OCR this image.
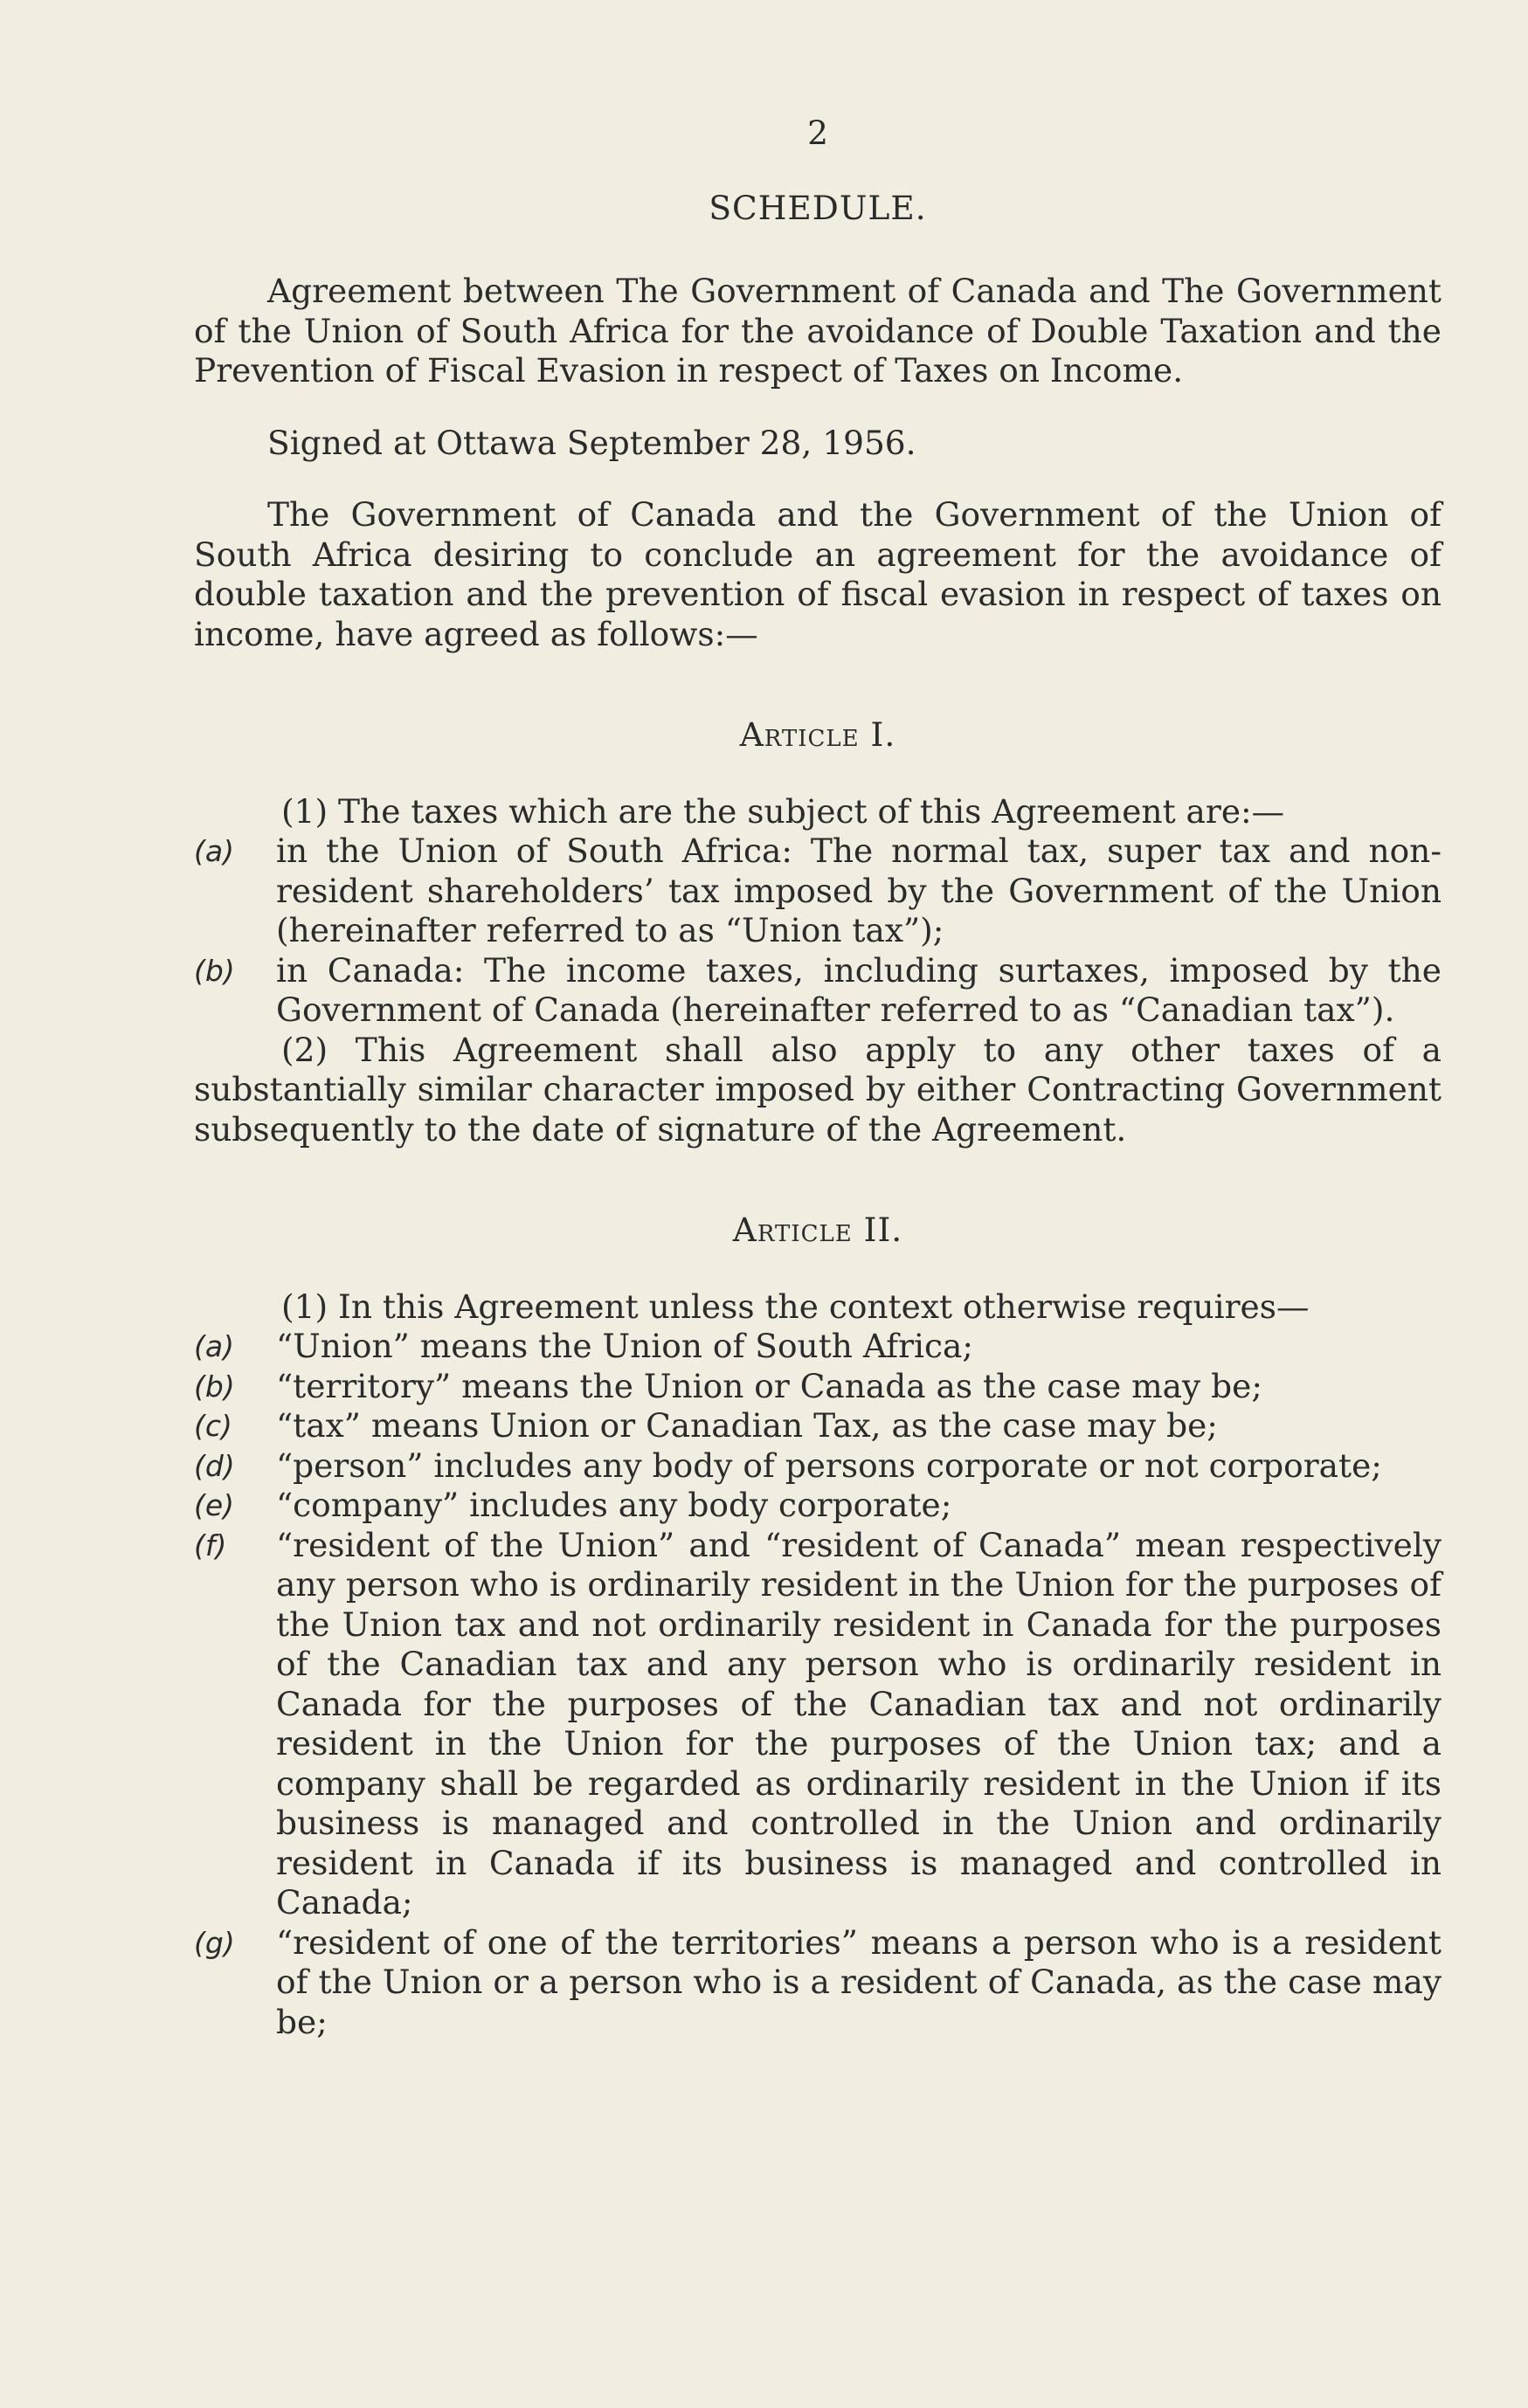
2
SCHEDULE.

Agreement between The Government of Canada and The Government of the Union of South Africa for the avoidance of Double Taxation and the Prevention of Fiscal Evasion in respect of Taxes on Income.

Signed at Ottawa September 28, 1956.

The Government of Canada and the Government of the Union of South Africa desiring to conclude an agreement for the avoidance of double taxation and the prevention of fiscal evasion in respect of taxes on income, have agreed as follows:—

Article I.

(1) The taxes which are the subject of this Agreement are:—

(a)	in the Union of South Africa: The normal tax, super tax and non-resident shareholders’ tax imposed by the Government of the Union (hereinafter referred to as “Union tax”);
(b)	in Canada: The income taxes, including surtaxes, imposed by the Government of Canada (hereinafter referred to as “Canadian tax”).

(2) This Agreement shall also apply to any other taxes of a substantially similar character imposed by either Contracting Government subsequently to the date of signature of the Agreement.

Article II.

(1) In this Agreement unless the context otherwise requires—

(a)	“Union” means the Union of South Africa;
(b)	“territory” means the Union or Canada as the case may be;
(c)	“tax” means Union or Canadian Tax, as the case may be;
(d)	“person” includes any body of persons corporate or not corporate;
(e)	“company” includes any body corporate;
(f)	“resident of the Union” and “resident of Canada” mean respectively any person who is ordinarily resident in the Union for the purposes of the Union tax and not ordinarily resident in Canada for the purposes of the Canadian tax and any person who is ordinarily resident in Canada for the purposes of the Canadian tax and not ordinarily resident in the Union for the purposes of the Union tax; and a company shall be regarded as ordinarily resident in the Union if its business is managed and controlled in the Union and ordinarily resident in Canada if its business is managed and controlled in Canada;
(g)	“resident of one of the territories” means a person who is a resident of the Union or a person who is a resident of Canada, as the case may be;
